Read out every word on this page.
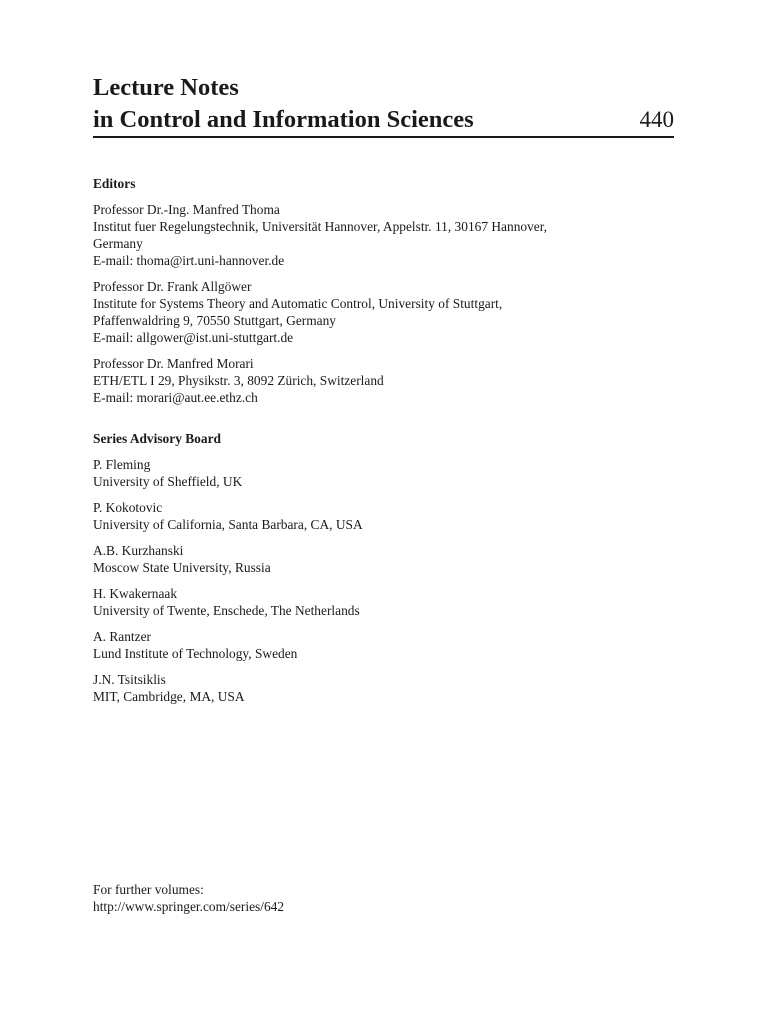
Lecture Notes
in Control and Information Sciences	440
Editors
Professor Dr.-Ing. Manfred Thoma
Institut fuer Regelungstechnik, Universität Hannover, Appelstr. 11, 30167 Hannover,
Germany
E-mail: thoma@irt.uni-hannover.de
Professor Dr. Frank Allgöwer
Institute for Systems Theory and Automatic Control, University of Stuttgart,
Pfaffenwaldring 9, 70550 Stuttgart, Germany
E-mail: allgower@ist.uni-stuttgart.de
Professor Dr. Manfred Morari
ETH/ETL I 29, Physikstr. 3, 8092 Zürich, Switzerland
E-mail: morari@aut.ee.ethz.ch
Series Advisory Board
P. Fleming
University of Sheffield, UK
P. Kokotovic
University of California, Santa Barbara, CA, USA
A.B. Kurzhanski
Moscow State University, Russia
H. Kwakernaak
University of Twente, Enschede, The Netherlands
A. Rantzer
Lund Institute of Technology, Sweden
J.N. Tsitsiklis
MIT, Cambridge, MA, USA
For further volumes:
http://www.springer.com/series/642
